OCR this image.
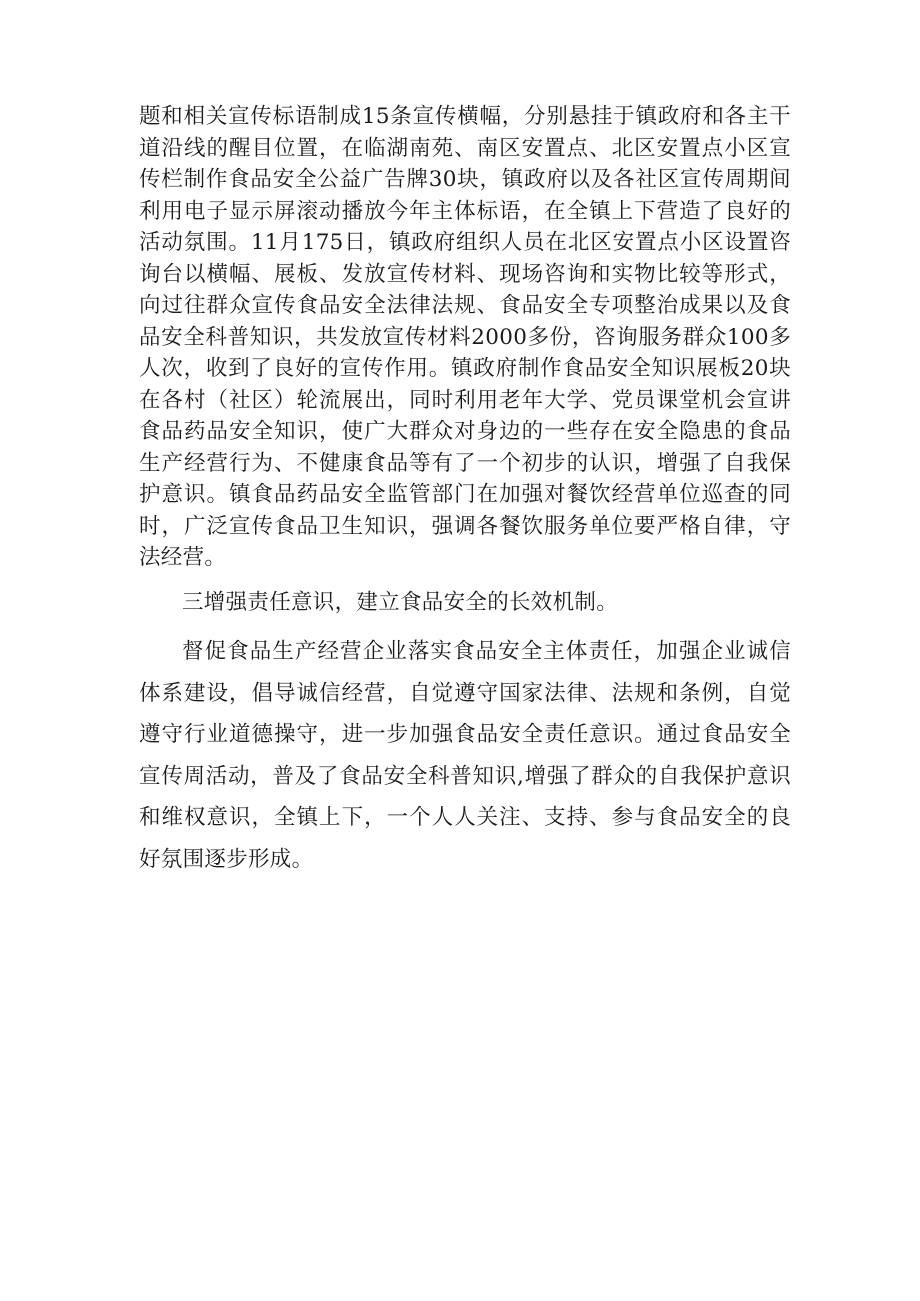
题和相关宣传标语制成15条宣传横幅，分别悬挂于镇政府和各主干道沿线的醒目位置，在临湖南苑、南区安置点、北区安置点小区宣传栏制作食品安全公益广告牌30块，镇政府以及各社区宣传周期间利用电子显示屏滚动播放今年主体标语，在全镇上下营造了良好的活动氛围。11月175日，镇政府组织人员在北区安置点小区设置咨询台以横幅、展板、发放宣传材料、现场咨询和实物比较等形式，向过往群众宣传食品安全法律法规、食品安全专项整治成果以及食品安全科普知识，共发放宣传材料2000多份，咨询服务群众100多人次，收到了良好的宣传作用。镇政府制作食品安全知识展板20块在各村（社区）轮流展出，同时利用老年大学、党员课堂机会宣讲食品药品安全知识，使广大群众对身边的一些存在安全隐患的食品生产经营行为、不健康食品等有了一个初步的认识，增强了自我保护意识。镇食品药品安全监管部门在加强对餐饮经营单位巡查的同时，广泛宣传食品卫生知识，强调各餐饮服务单位要严格自律，守法经营。

三增强责任意识，建立食品安全的长效机制。

督促食品生产经营企业落实食品安全主体责任，加强企业诚信体系建设，倡导诚信经营，自觉遵守国家法律、法规和条例，自觉遵守行业道德操守，进一步加强食品安全责任意识。通过食品安全宣传周活动，普及了食品安全科普知识,增强了群众的自我保护意识和维权意识，全镇上下，一个人人关注、支持、参与食品安全的良好氛围逐步形成。
